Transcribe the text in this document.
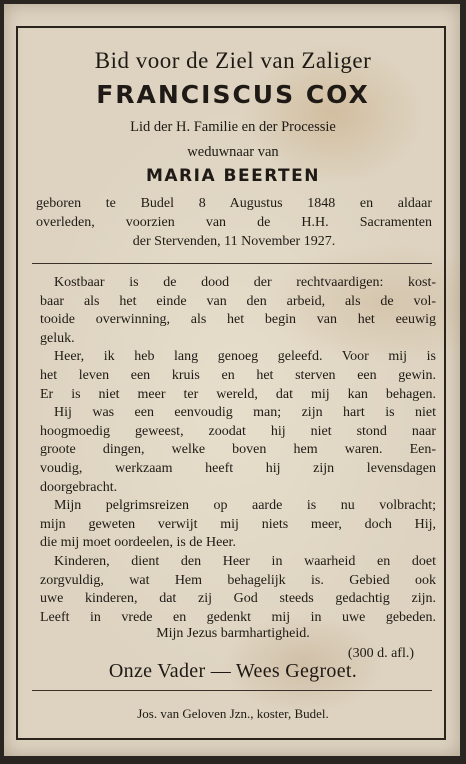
Bid voor de Ziel van Zaliger
FRANCISCUS COX
Lid der H. Familie en der Processie
weduwnaar van
MARIA BEERTEN
geboren te Budel 8 Augustus 1848 en aldaar
overleden, voorzien van de H.H. Sacramenten
der Stervenden, 11 November 1927.
Kostbaar is de dood der rechtvaardigen: kost-
baar als het einde van den arbeid, als de vol-
tooide overwinning, als het begin van het eeuwig
geluk.
Heer, ik heb lang genoeg geleefd. Voor mij is
het leven een kruis en het sterven een gewin.
Er is niet meer ter wereld, dat mij kan behagen.
Hij was een eenvoudig man; zijn hart is niet
hoogmoedig geweest, zoodat hij niet stond naar
groote dingen, welke boven hem waren. Een-
voudig, werkzaam heeft hij zijn levensdagen
doorgebracht.
Mijn pelgrimsreizen op aarde is nu volbracht;
mijn geweten verwijt mij niets meer, doch Hij,
die mij moet oordeelen, is de Heer.
Kinderen, dient den Heer in waarheid en doet
zorgvuldig, wat Hem behagelijk is. Gebied ook
uwe kinderen, dat zij God steeds gedachtig zijn.
Leeft in vrede en gedenkt mij in uwe gebeden.
Mijn Jezus barmhartigheid.
(300 d. afl.)
Onze Vader — Wees Gegroet.
Jos. van Geloven Jzn., koster, Budel.
